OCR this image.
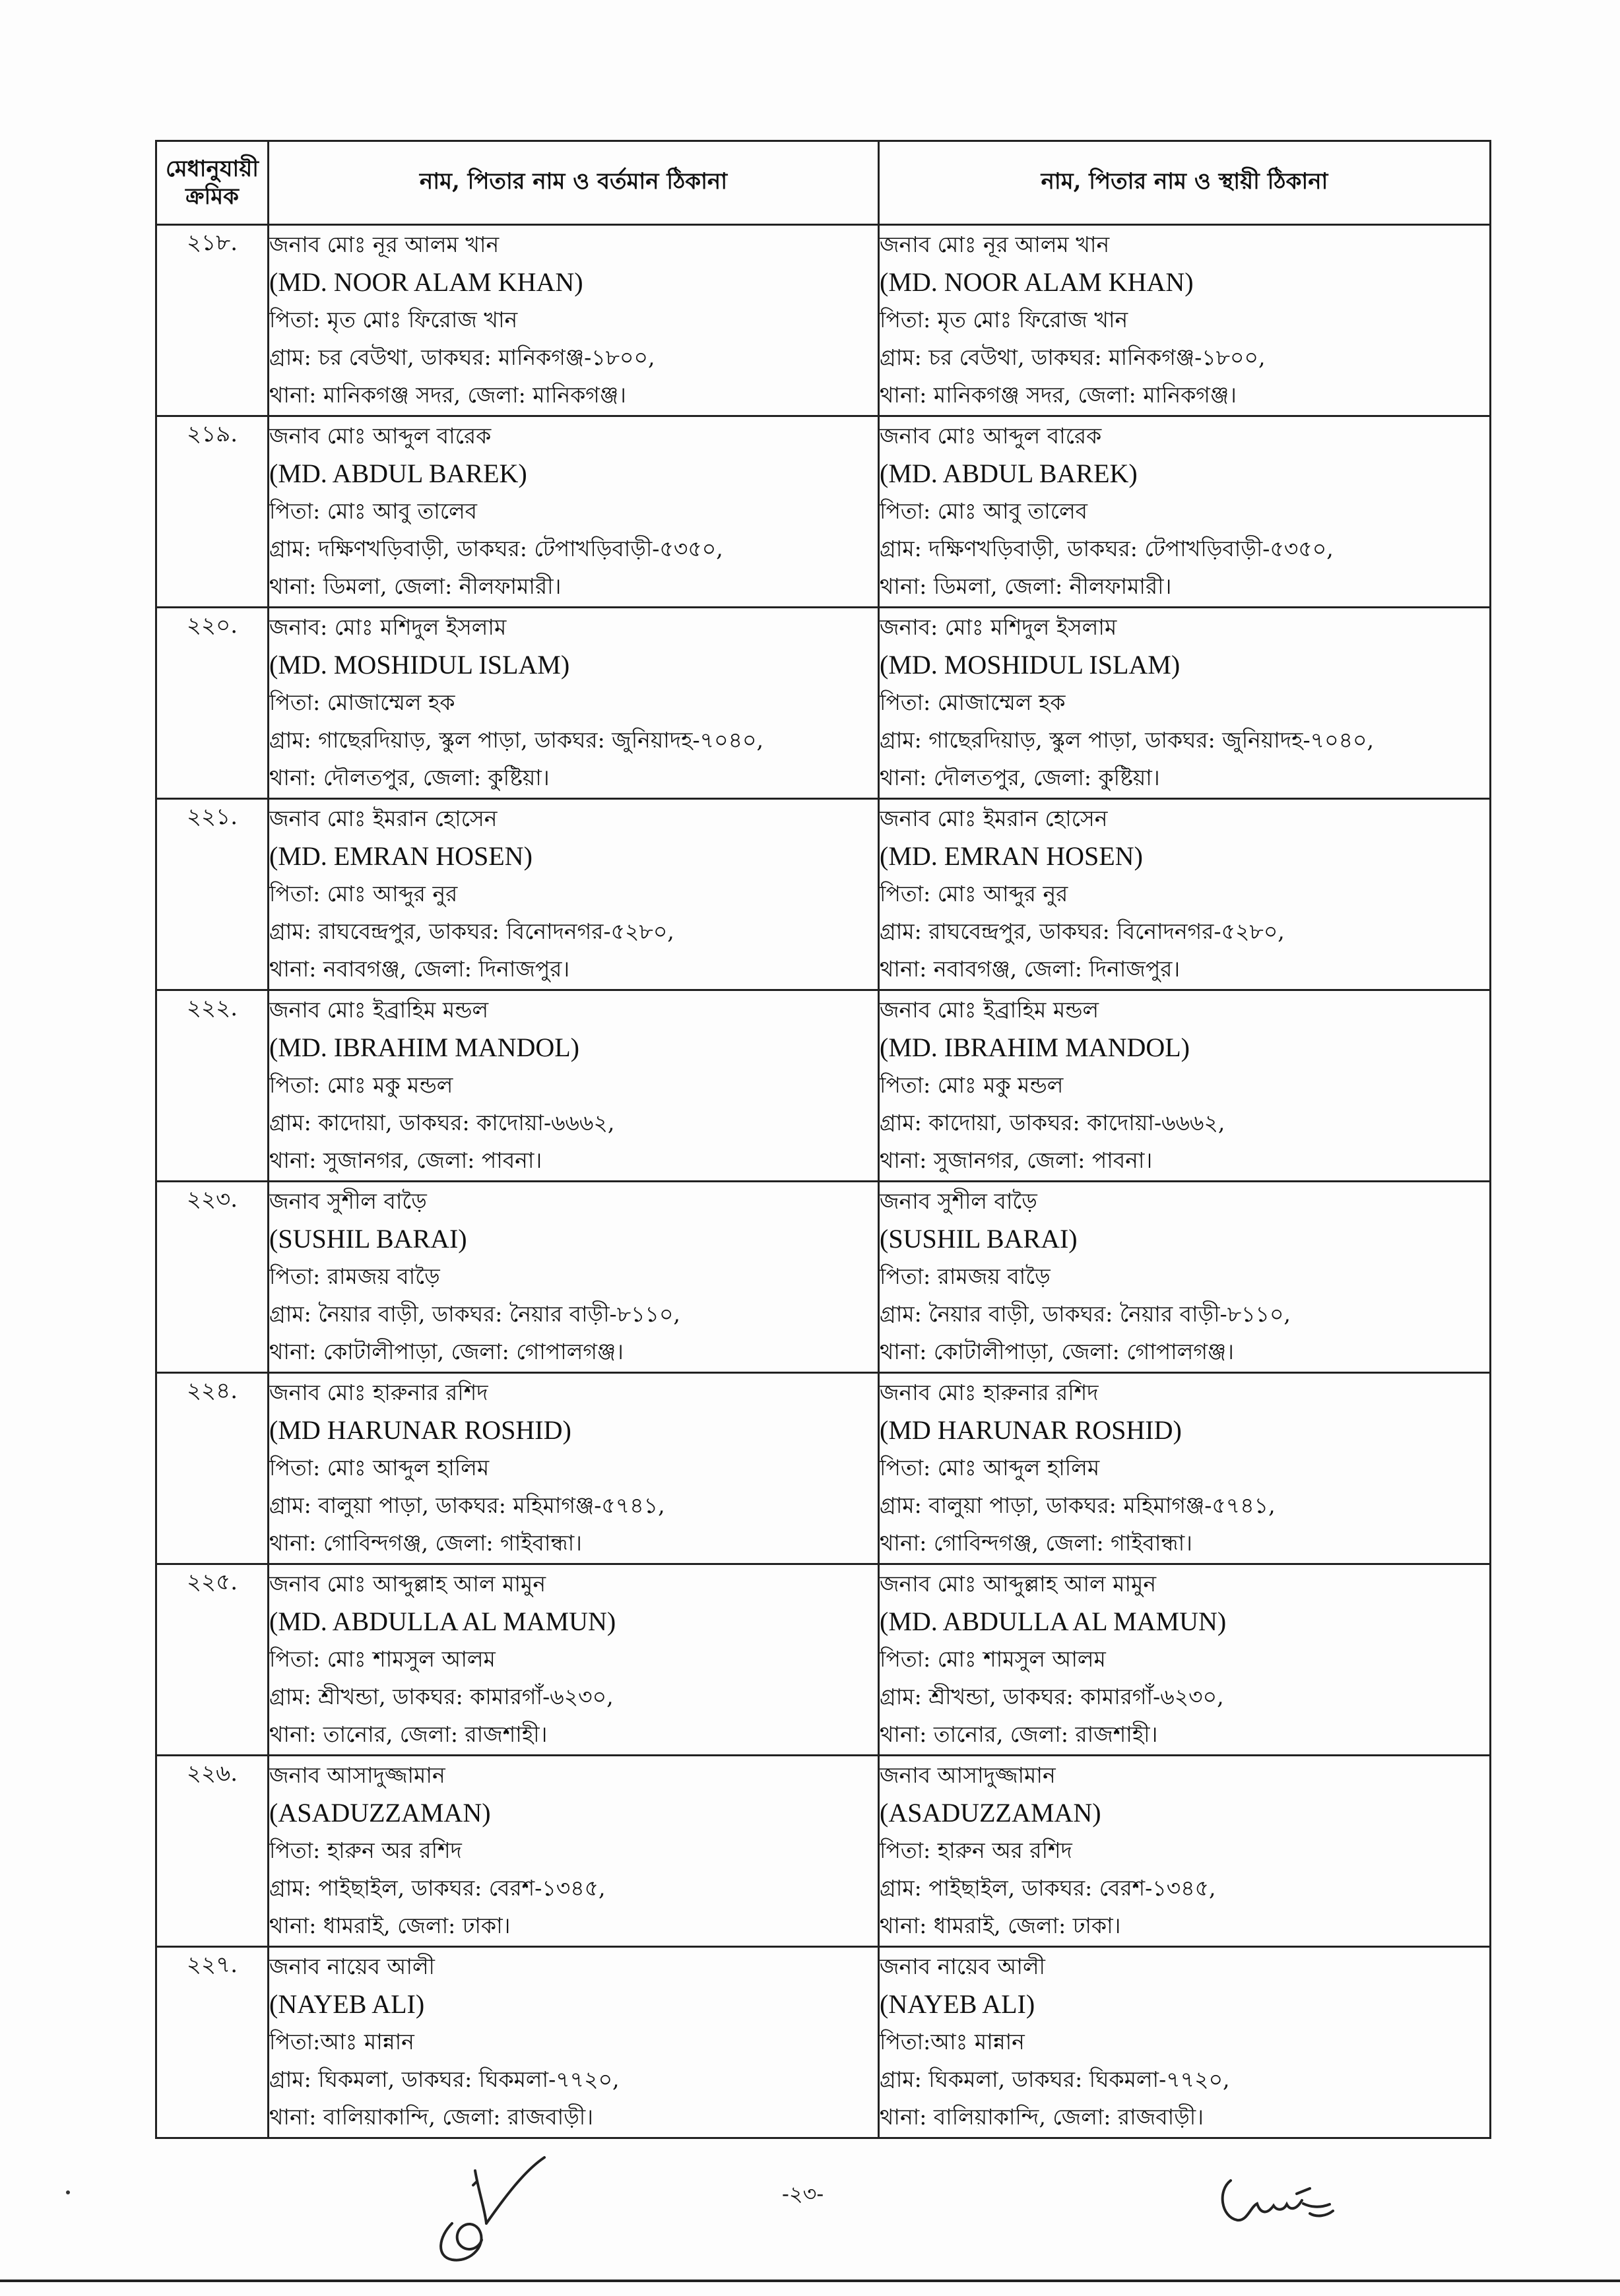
মেধানুযায়ী ক্রমিক	নাম, পিতার নাম ও বর্তমান ঠিকানা	নাম, পিতার নাম ও স্থায়ী ঠিকানা
২১৮.	জনাব মোঃ নূর আলম খান
(MD. NOOR ALAM KHAN)
পিতা: মৃত মোঃ ফিরোজ খান
গ্রাম: চর বেউথা, ডাকঘর: মানিকগঞ্জ-১৮০০,
থানা: মানিকগঞ্জ সদর, জেলা: মানিকগঞ্জ।	জনাব মোঃ নূর আলম খান
(MD. NOOR ALAM KHAN)
পিতা: মৃত মোঃ ফিরোজ খান
গ্রাম: চর বেউথা, ডাকঘর: মানিকগঞ্জ-১৮০০,
থানা: মানিকগঞ্জ সদর, জেলা: মানিকগঞ্জ।

২১৯.	জনাব মোঃ আব্দুল বারেক
(MD. ABDUL BAREK)
পিতা: মোঃ আবু তালেব
গ্রাম: দক্ষিণখড়িবাড়ী, ডাকঘর: টেপাখড়িবাড়ী-৫৩৫০,
থানা: ডিমলা, জেলা: নীলফামারী।	জনাব মোঃ আব্দুল বারেক
(MD. ABDUL BAREK)
পিতা: মোঃ আবু তালেব
গ্রাম: দক্ষিণখড়িবাড়ী, ডাকঘর: টেপাখড়িবাড়ী-৫৩৫০,
থানা: ডিমলা, জেলা: নীলফামারী।

২২০.	জনাব: মোঃ মশিদুল ইসলাম
(MD. MOSHIDUL ISLAM)
পিতা: মোজাম্মেল হক
গ্রাম: গাছেরদিয়াড়, স্কুল পাড়া, ডাকঘর: জুনিয়াদহ-৭০৪০,
থানা: দৌলতপুর, জেলা: কুষ্টিয়া।	জনাব: মোঃ মশিদুল ইসলাম
(MD. MOSHIDUL ISLAM)
পিতা: মোজাম্মেল হক
গ্রাম: গাছেরদিয়াড়, স্কুল পাড়া, ডাকঘর: জুনিয়াদহ-৭০৪০,
থানা: দৌলতপুর, জেলা: কুষ্টিয়া।

২২১.	জনাব মোঃ ইমরান হোসেন
(MD. EMRAN HOSEN)
পিতা: মোঃ আব্দুর নুর
গ্রাম: রাঘবেন্দ্রপুর, ডাকঘর: বিনোদনগর-৫২৮০,
থানা: নবাবগঞ্জ, জেলা: দিনাজপুর।	জনাব মোঃ ইমরান হোসেন
(MD. EMRAN HOSEN)
পিতা: মোঃ আব্দুর নুর
গ্রাম: রাঘবেন্দ্রপুর, ডাকঘর: বিনোদনগর-৫২৮০,
থানা: নবাবগঞ্জ, জেলা: দিনাজপুর।

২২২.	জনাব মোঃ ইব্রাহিম মন্ডল
(MD. IBRAHIM MANDOL)
পিতা: মোঃ মকু মন্ডল
গ্রাম: কাদোয়া, ডাকঘর: কাদোয়া-৬৬৬২,
থানা: সুজানগর, জেলা: পাবনা।	জনাব মোঃ ইব্রাহিম মন্ডল
(MD. IBRAHIM MANDOL)
পিতা: মোঃ মকু মন্ডল
গ্রাম: কাদোয়া, ডাকঘর: কাদোয়া-৬৬৬২,
থানা: সুজানগর, জেলা: পাবনা।

২২৩.	জনাব সুশীল বাড়ৈ
(SUSHIL BARAI)
পিতা: রামজয় বাড়ৈ
গ্রাম: নৈয়ার বাড়ী, ডাকঘর: নৈয়ার বাড়ী-৮১১০,
থানা: কোটালীপাড়া, জেলা: গোপালগঞ্জ।	জনাব সুশীল বাড়ৈ
(SUSHIL BARAI)
পিতা: রামজয় বাড়ৈ
গ্রাম: নৈয়ার বাড়ী, ডাকঘর: নৈয়ার বাড়ী-৮১১০,
থানা: কোটালীপাড়া, জেলা: গোপালগঞ্জ।

২২৪.	জনাব মোঃ হারুনার রশিদ
(MD HARUNAR ROSHID)
পিতা: মোঃ আব্দুল হালিম
গ্রাম: বালুয়া পাড়া, ডাকঘর: মহিমাগঞ্জ-৫৭৪১,
থানা: গোবিন্দগঞ্জ, জেলা: গাইবান্ধা।	জনাব মোঃ হারুনার রশিদ
(MD HARUNAR ROSHID)
পিতা: মোঃ আব্দুল হালিম
গ্রাম: বালুয়া পাড়া, ডাকঘর: মহিমাগঞ্জ-৫৭৪১,
থানা: গোবিন্দগঞ্জ, জেলা: গাইবান্ধা।

২২৫.	জনাব মোঃ আব্দুল্লাহ আল মামুন
(MD. ABDULLA AL MAMUN)
পিতা: মোঃ শামসুল আলম
গ্রাম: শ্রীখন্ডা, ডাকঘর: কামারগাঁ-৬২৩০,
থানা: তানোর, জেলা: রাজশাহী।	জনাব মোঃ আব্দুল্লাহ আল মামুন
(MD. ABDULLA AL MAMUN)
পিতা: মোঃ শামসুল আলম
গ্রাম: শ্রীখন্ডা, ডাকঘর: কামারগাঁ-৬২৩০,
থানা: তানোর, জেলা: রাজশাহী।

২২৬.	জনাব আসাদুজ্জামান
(ASADUZZAMAN)
পিতা: হারুন অর রশিদ
গ্রাম: পাইছাইল, ডাকঘর: বেরশ-১৩৪৫,
থানা: ধামরাই, জেলা: ঢাকা।	জনাব আসাদুজ্জামান
(ASADUZZAMAN)
পিতা: হারুন অর রশিদ
গ্রাম: পাইছাইল, ডাকঘর: বেরশ-১৩৪৫,
থানা: ধামরাই, জেলা: ঢাকা।

২২৭.	জনাব নায়েব আলী
(NAYEB ALI)
পিতা:আঃ মান্নান
গ্রাম: ঘিকমলা, ডাকঘর: ঘিকমলা-৭৭২০,
থানা: বালিয়াকান্দি, জেলা: রাজবাড়ী।	জনাব নায়েব আলী
(NAYEB ALI)
পিতা:আঃ মান্নান
গ্রাম: ঘিকমলা, ডাকঘর: ঘিকমলা-৭৭২০,
থানা: বালিয়াকান্দি, জেলা: রাজবাড়ী।
-২৩-
